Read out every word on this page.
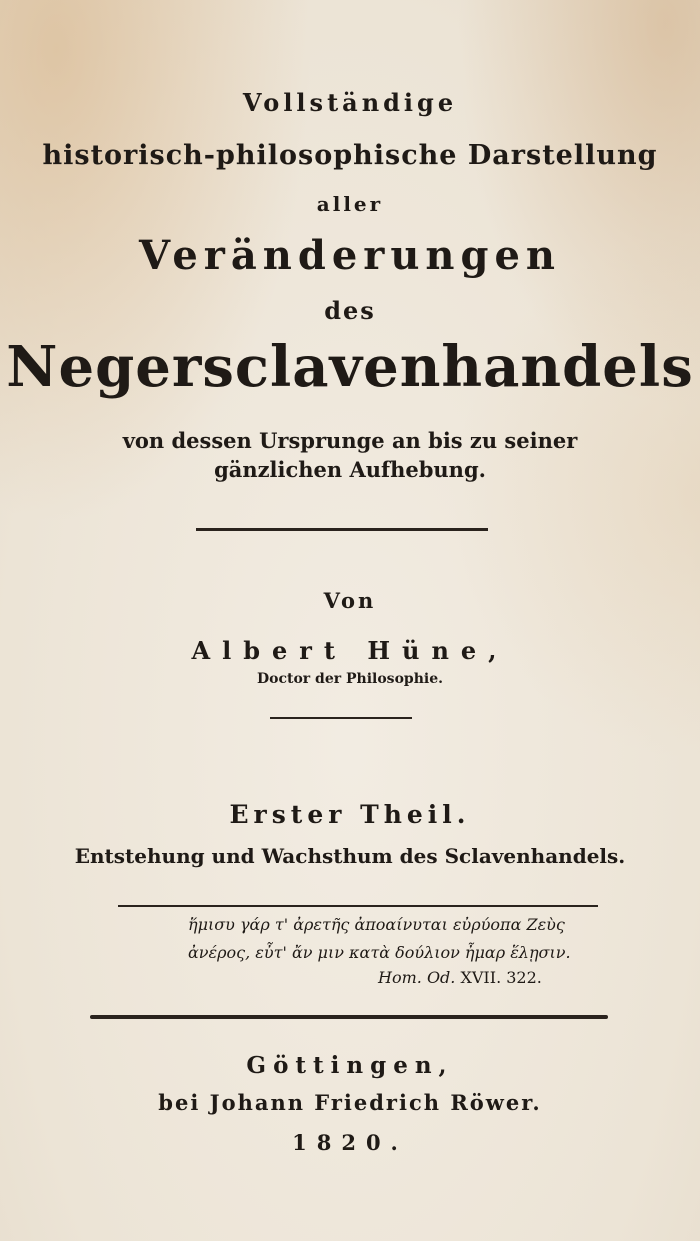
Vollständige
historisch-philosophische Darstellung
aller
Veränderungen
des
Negersclavenhandels
von dessen Ursprunge an bis zu seiner
gänzlichen Aufhebung.
Von
Albert Hüne,
Doctor der Philosophie.
Erster Theil.
Entstehung und Wachsthum des Sclavenhandels.
ἥμισυ γάρ τ' ἀρετῆς ἀποαίνυται εὐρύοπα Ζεὺς
ἀνέρος, εὖτ' ἄν μιν κατὰ δούλιον ἦμαρ ἕλῃσιν.
Hom. Od. XVII. 322.
Göttingen,
bei Johann Friedrich Röwer.
1820.
